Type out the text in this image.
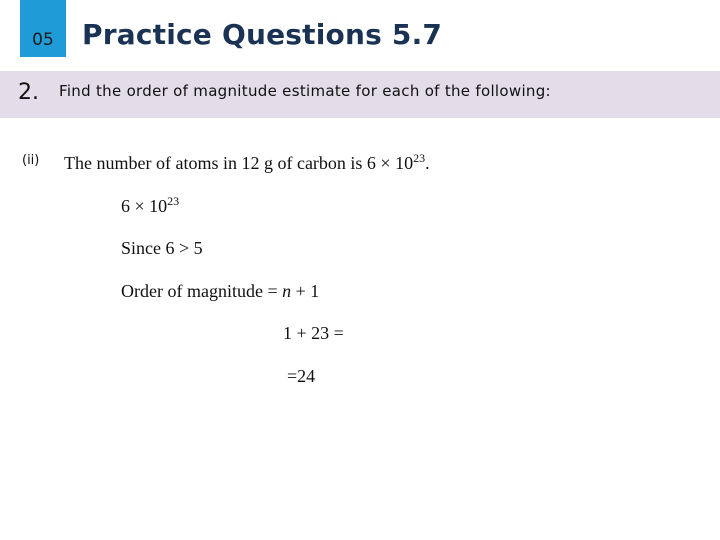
05	Practice Questions 5.7
2. Find the order of magnitude estimate for each of the following:
(ii) The number of atoms in 12 g of carbon is $6 \times 10^{23}$.
$6 \times 10^{23}$
Since 6 > 5
Order of magnitude = n + 1
1 + 23 =
=24
